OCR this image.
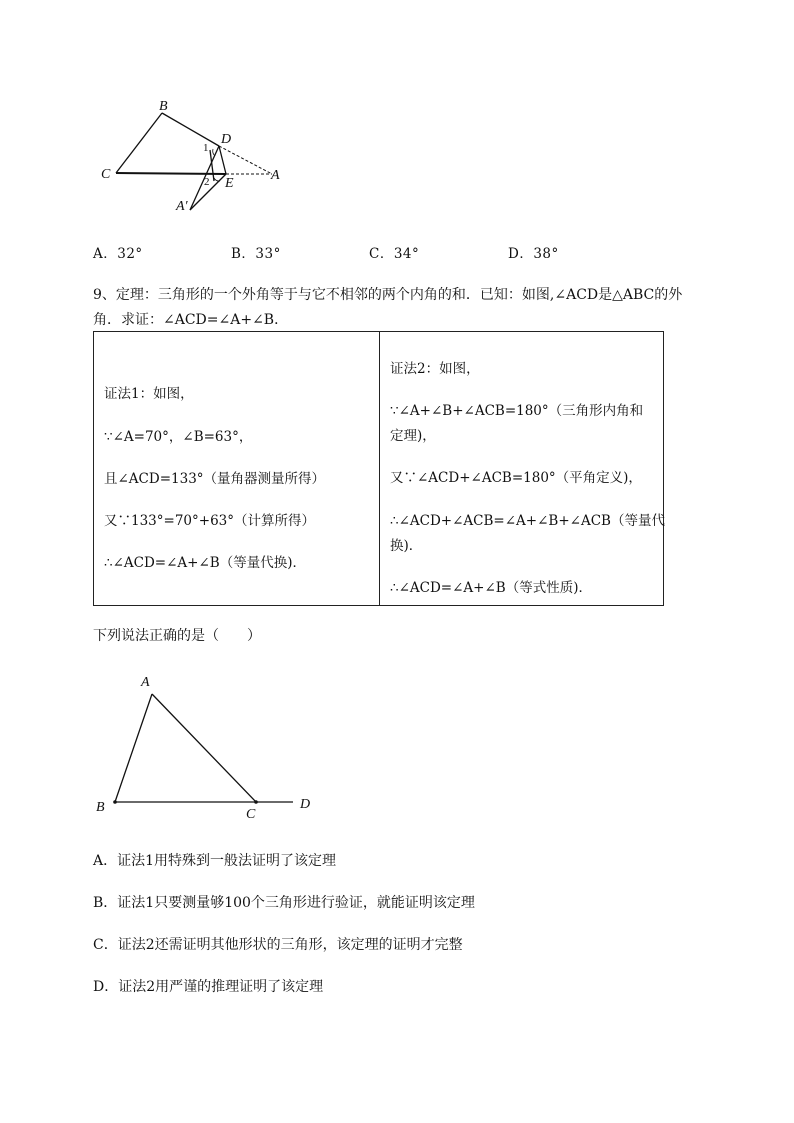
B
C
D
E
A
A′
1
2
A．32°	B．33°	C．34°	D．38°
9、定理：三角形的一个外角等于与它不相邻的两个内角的和．已知：如图,∠ACD是△ABC的外
角．求证：∠ACD=∠A+∠B．

证法1：如图，

∵∠A=70°，∠B=63°，

且∠ACD=133°（量角器测量所得）

又∵133°=70°+63°（计算所得）

∴∠ACD=∠A+∠B（等量代换)．

证法2：如图，

∵∠A+∠B+∠ACB=180°（三角形内角和

定理)，

又∵∠ACD+∠ACB=180°（平角定义)，

∴∠ACD+∠ACB=∠A+∠B+∠ACB（等量代

换)．

∴∠ACD=∠A+∠B（等式性质)．

下列说法正确的是（　　）
A
B	C
D
A．证法1用特殊到一般法证明了该定理
B．证法1只要测量够100个三角形进行验证，就能证明该定理
C．证法2还需证明其他形状的三角形，该定理的证明才完整
D．证法2用严谨的推理证明了该定理
